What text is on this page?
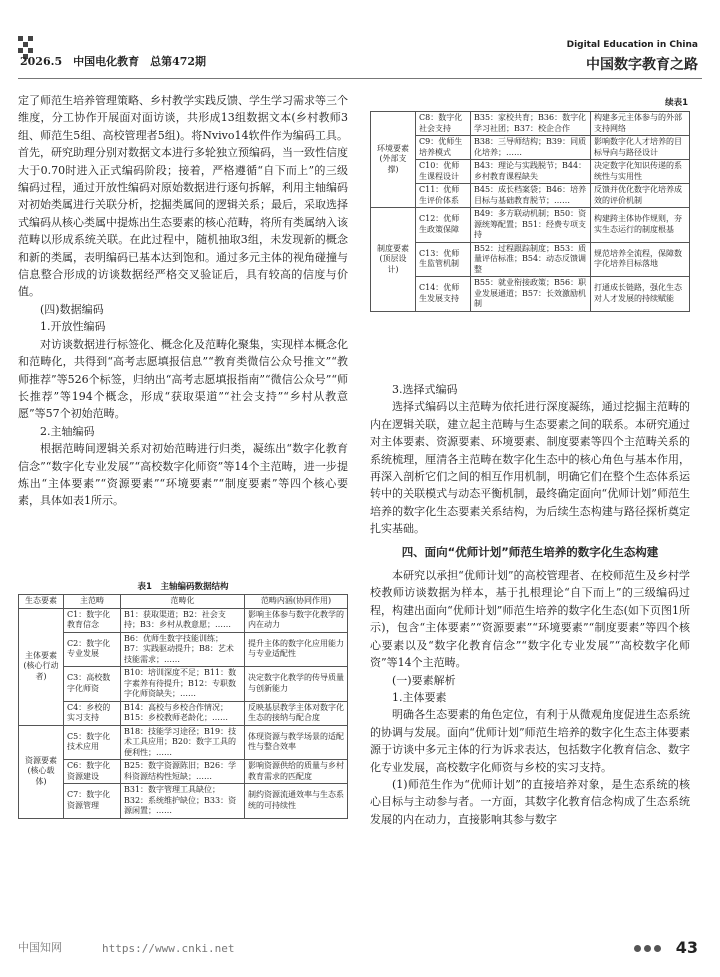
2026.5　中国电化教育　总第472期
Digital Education in China
中国数字教育之路

定了师范生培养管理策略、乡村教学实践反馈、学生学习需求等三个维度，分工协作开展面对面访谈，共形成13组数据文本(乡村教师3组、师范生5组、高校管理者5组)。将Nvivo14软件作为编码工具。首先，研究助理分别对数据文本进行多轮独立预编码，当一致性信度大于0.70时进入正式编码阶段；接着，严格遵循“自下而上”的三级编码过程，通过开放性编码对原始数据进行逐句拆解，利用主轴编码对初始类属进行关联分析，挖掘类属间的逻辑关系；最后，采取选择式编码从核心类属中提炼出生态要素的核心范畴，将所有类属纳入该范畴以形成系统关联。在此过程中，随机抽取3组，未发现新的概念和新的类属，表明编码已基本达到饱和。通过多元主体的视角碰撞与信息整合形成的访谈数据经严格交叉验证后，具有较高的信度与价值。

(四)数据编码

1.开放性编码

对访谈数据进行标签化、概念化及范畴化聚集，实现样本概念化和范畴化，共得到“高考志愿填报信息”“教育类微信公众号推文”“教师推荐”等526个标签，归纳出“高考志愿填报指南”“微信公众号”“师长推荐”等194个概念，形成“获取渠道”“社会支持”“乡村从教意愿”等57个初始范畴。

2.主轴编码

根据范畴间逻辑关系对初始范畴进行归类，凝练出“数字化教育信念”“数字化专业发展”“高校数字化师资”等14个主范畴，进一步提炼出“主体要素”“资源要素”“环境要素”“制度要素”等四个核心要素，具体如表1所示。

表1　主轴编码数据结构
生态要素	主范畴	范畴化	范畴内涵(协同作用)
主体要素(核心行动者)	C1：数字化教育信念	B1：获取渠道；B2：社会支持；B3：乡村从教意愿；……	影响主体参与数字化教学的内在动力
	C2：数字化专业发展	B6：优师生数字技能训练；B7：实践驱动提升；B8：艺术技能需求；……	提升主体的数字化应用能力与专业适配性
	C3：高校数字化师资	B10：培训深度不足；B11：数字素养有待提升；B12：专职数字化师资缺失；……	决定数字化教学的传导质量与创新能力
	C4：乡校的实习支持	B14：高校与乡校合作情况；B15：乡校教师老龄化；……	反映基层教学主体对数字化生态的接纳与配合度
资源要素(核心载体)	C5：数字化技术应用	B18：技能学习途径；B19：技术工具应用；B20：数字工具的便利性；……	体现资源与教学场景的适配性与整合效率
	C6：数字化资源建设	B25：数字资源陈旧；B26：学科资源结构性短缺；……	影响资源供给的质量与乡村教育需求的匹配度
	C7：数字化资源管理	B31：数字管理工具缺位；B32：系统维护缺位；B33：资源闲置；……	制约资源流通效率与生态系统的可持续性
续表1
环境要素(外部支撑)	C8：数字化社会支持	B35：家校共育；B36：数字化学习社团；B37：校企合作	构建多元主体参与的外部支持网络
	C9：优师生培养模式	B38：三导师结构；B39：同质化培养；……	影响数字化人才培养的目标导向与路径设计
	C10：优师生课程设计	B43：理论与实践脱节；B44：乡村教育课程缺失	决定数字化知识传递的系统性与实用性
	C11：优师生评价体系	B45：成长档案袋；B46：培养目标与基础教育脱节；……	反馈并优化数字化培养成效的评价机制
制度要素(顶层设计)	C12：优师生政策保障	B49：多方联动机制；B50：资源统筹配置；B51：经费专项支持	构建跨主体协作规则，夯实生态运行的制度根基
	C13：优师生监管机制	B52：过程跟踪制度；B53：质量评估标准；B54：动态反馈调整	规范培养全流程，保障数字化培养目标落地
	C14：优师生发展支持	B55：就业衔接政策；B56：职业发展通道；B57：长效激励机制	打通成长链路，强化生态对人才发展的持续赋能

3.选择式编码

选择式编码以主范畴为依托进行深度凝练，通过挖掘主范畴的内在逻辑关联，建立起主范畴与生态要素之间的联系。本研究通过对主体要素、资源要素、环境要素、制度要素等四个主范畴关系的系统梳理，厘清各主范畴在数字化生态中的核心角色与基本作用，再深入剖析它们之间的相互作用机制，明确它们在整个生态体系运转中的关联模式与动态平衡机制，最终确定面向“优师计划”师范生培养的数字化生态要素关系结构，为后续生态构建与路径探析奠定扎实基础。

四、面向“优师计划”师范生培养的数字化生态构建

本研究以承担“优师计划”的高校管理者、在校师范生及乡村学校教师访谈数据为样本，基于扎根理论“自下而上”的三级编码过程，构建出面向“优师计划”师范生培养的数字化生态(如下页图1所示)，包含“主体要素”“资源要素”“环境要素”“制度要素”等四个核心要素以及“数字化教育信念”“数字化专业发展”“高校数字化师资”等14个主范畴。

(一)要素解析

1.主体要素

明确各生态要素的角色定位，有利于从微观角度促进生态系统的协调与发展。面向“优师计划”师范生培养的数字化生态主体要素源于访谈中多元主体的行为诉求表达，包括数字化教育信念、数字化专业发展，高校数字化师资与乡校的实习支持。

(1)师范生作为“优师计划”的直接培养对象，是生态系统的核心目标与主动参与者。一方面，其数字化教育信念构成了生态系统发展的内在动力，直接影响其参与数字

中国知网	https://www.cnki.net	43
